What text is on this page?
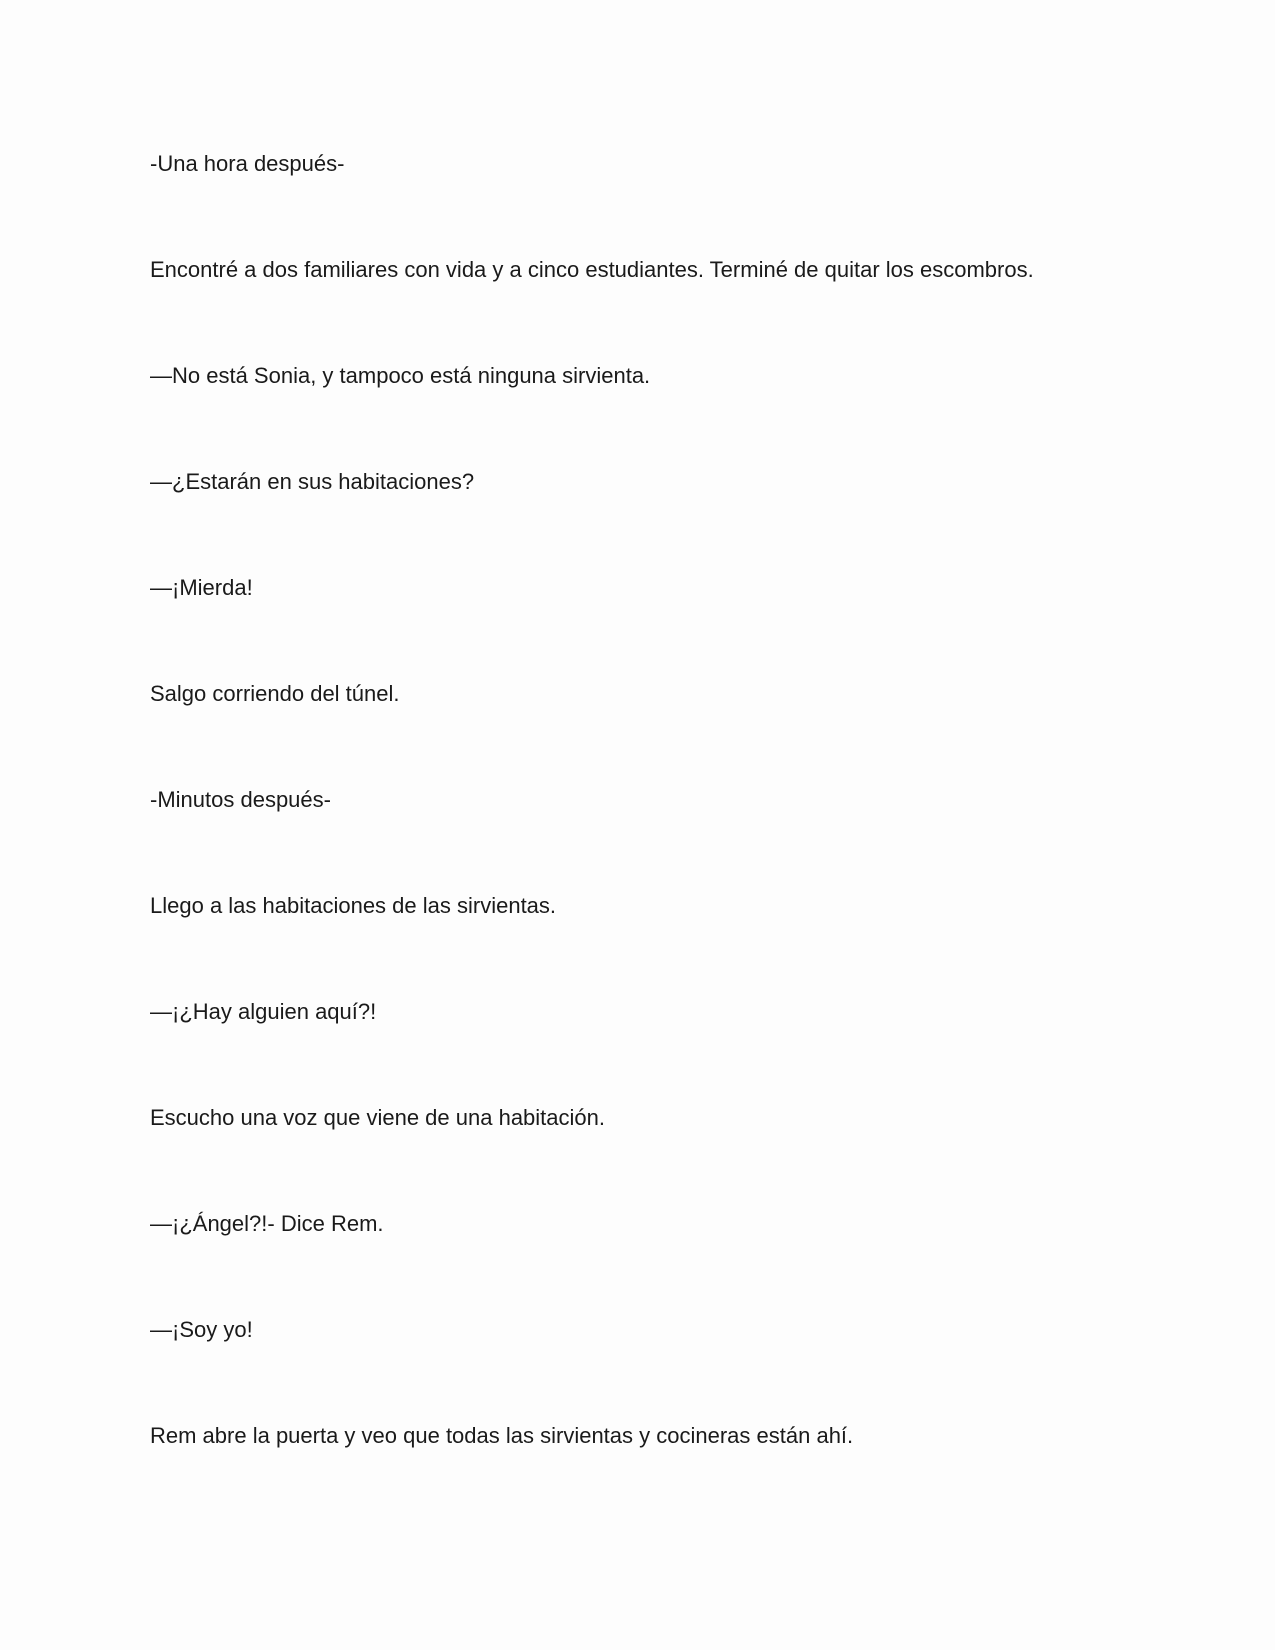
-Una hora después-

Encontré a dos familiares con vida y a cinco estudiantes. Terminé de quitar los escombros.

—No está Sonia, y tampoco está ninguna sirvienta.

—¿Estarán en sus habitaciones?

—¡Mierda!

Salgo corriendo del túnel.

-Minutos después-

Llego a las habitaciones de las sirvientas.

—¡¿Hay alguien aquí?!

Escucho una voz que viene de una habitación.

—¡¿Ángel?!- Dice Rem.

—¡Soy yo!

Rem abre la puerta y veo que todas las sirvientas y cocineras están ahí.
